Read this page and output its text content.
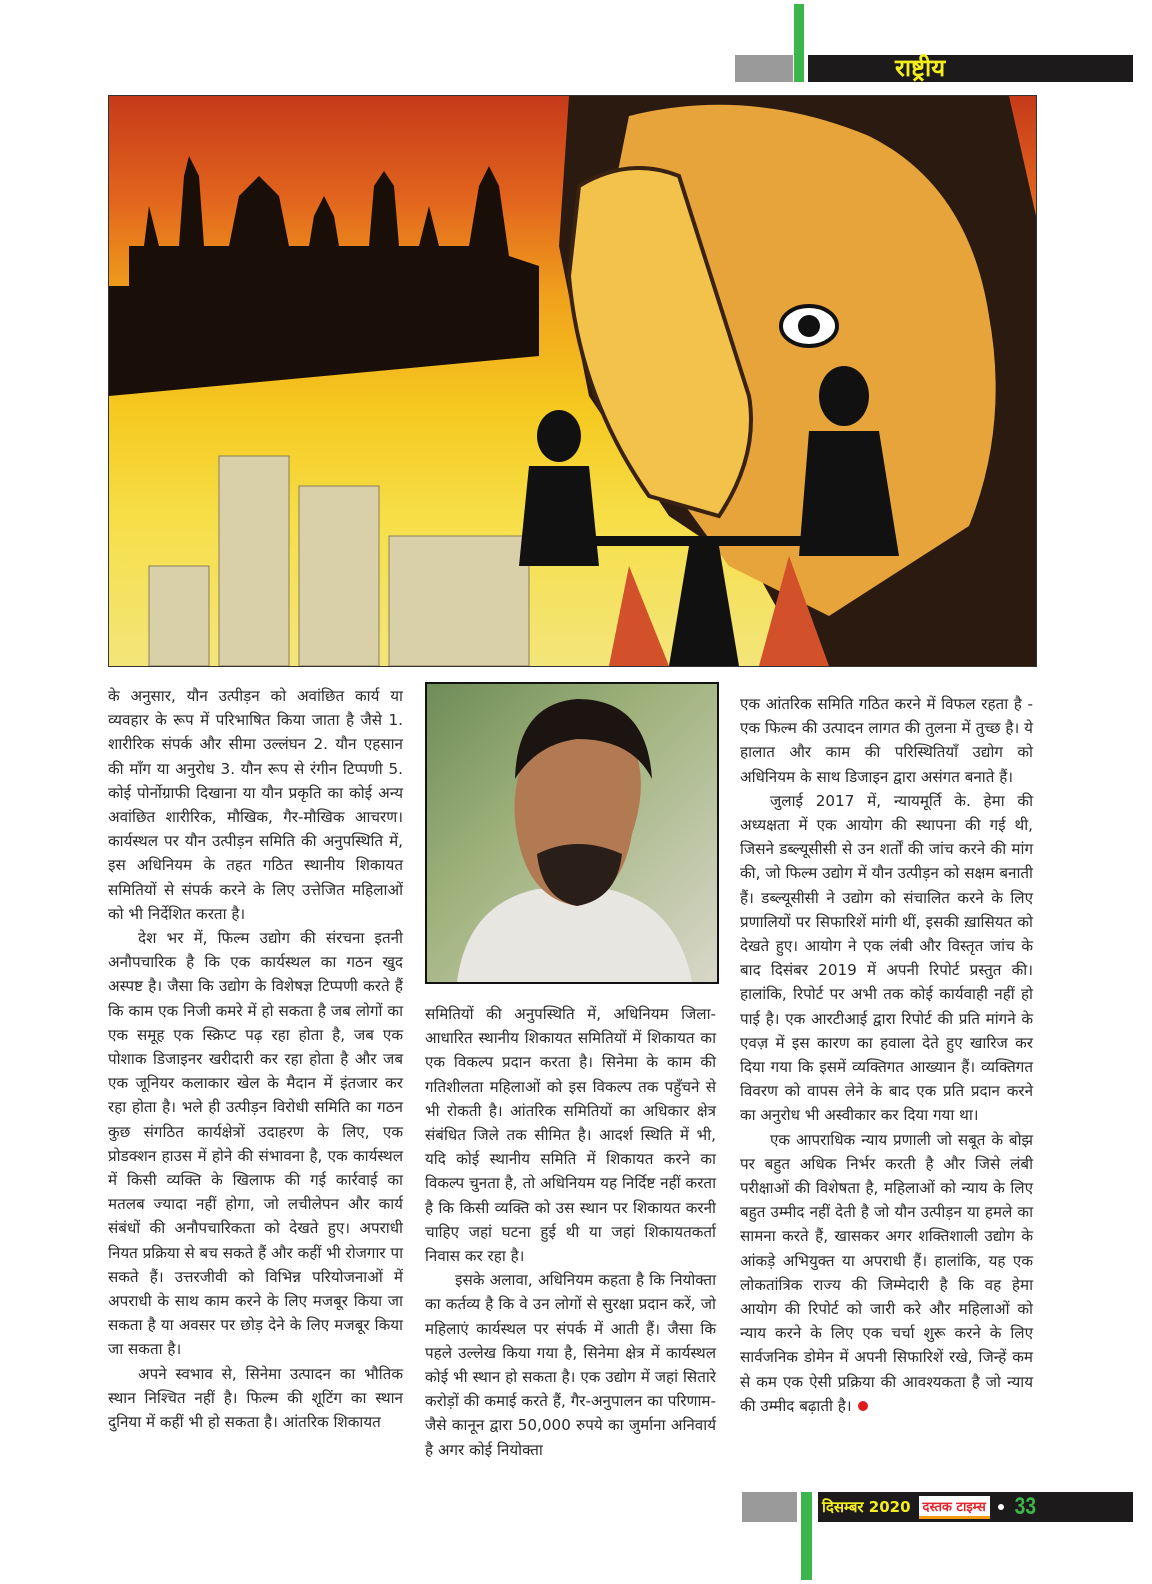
राष्ट्रीय

के अनुसार, यौन उत्पीड़न को अवांछित कार्य या व्यवहार के रूप में परिभाषित किया जाता है जैसे 1. शारीरिक संपर्क और सीमा उल्लंघन 2. यौन एहसान की माँग या अनुरोध 3. यौन रूप से रंगीन टिप्पणी 5. कोई पोर्नोग्राफी दिखाना या यौन प्रकृति का कोई अन्य अवांछित शारीरिक, मौखिक, गैर-मौखिक आचरण। कार्यस्थल पर यौन उत्पीड़न समिति की अनुपस्थिति में, इस अधिनियम के तहत गठित स्थानीय शिकायत समितियों से संपर्क करने के लिए उत्तेजित महिलाओं को भी निर्देशित करता है।

देश भर में, फिल्म उद्योग की संरचना इतनी अनौपचारिक है कि एक कार्यस्थल का गठन खुद अस्पष्ट है। जैसा कि उद्योग के विशेषज्ञ टिप्पणी करते हैं कि काम एक निजी कमरे में हो सकता है जब लोगों का एक समूह एक स्क्रिप्ट पढ़ रहा होता है, जब एक पोशाक डिजाइनर खरीदारी कर रहा होता है और जब एक जूनियर कलाकार खेल के मैदान में इंतजार कर रहा होता है। भले ही उत्पीड़न विरोधी समिति का गठन कुछ संगठित कार्यक्षेत्रों उदाहरण के लिए, एक प्रोडक्शन हाउस में होने की संभावना है, एक कार्यस्थल में किसी व्यक्ति के खिलाफ की गई कार्रवाई का मतलब ज्यादा नहीं होगा, जो लचीलेपन और कार्य संबंधों की अनौपचारिकता को देखते हुए। अपराधी नियत प्रक्रिया से बच सकते हैं और कहीं भी रोजगार पा सकते हैं। उत्तरजीवी को विभिन्न परियोजनाओं में अपराधी के साथ काम करने के लिए मजबूर किया जा सकता है या अवसर पर छोड़ देने के लिए मजबूर किया जा सकता है।

अपने स्वभाव से, सिनेमा उत्पादन का भौतिक स्थान निश्चित नहीं है। फिल्म की शूटिंग का स्थान दुनिया में कहीं भी हो सकता है। आंतरिक शिकायत

समितियों की अनुपस्थिति में, अधिनियम जिला-आधारित स्थानीय शिकायत समितियों में शिकायत का एक विकल्प प्रदान करता है। सिनेमा के काम की गतिशीलता महिलाओं को इस विकल्प तक पहुँचने से भी रोकती है। आंतरिक समितियों का अधिकार क्षेत्र संबंधित जिले तक सीमित है। आदर्श स्थिति में भी, यदि कोई स्थानीय समिति में शिकायत करने का विकल्प चुनता है, तो अधिनियम यह निर्दिष्ट नहीं करता है कि किसी व्यक्ति को उस स्थान पर शिकायत करनी चाहिए जहां घटना हुई थी या जहां शिकायतकर्ता निवास कर रहा है।

इसके अलावा, अधिनियम कहता है कि नियोक्ता का कर्तव्य है कि वे उन लोगों से सुरक्षा प्रदान करें, जो महिलाएं कार्यस्थल पर संपर्क में आती हैं। जैसा कि पहले उल्लेख किया गया है, सिनेमा क्षेत्र में कार्यस्थल कोई भी स्थान हो सकता है। एक उद्योग में जहां सितारे करोड़ों की कमाई करते हैं, गैर-अनुपालन का परिणाम- जैसे कानून द्वारा 50,000 रुपये का जुर्माना अनिवार्य है अगर कोई नियोक्ता

एक आंतरिक समिति गठित करने में विफल रहता है - एक फिल्म की उत्पादन लागत की तुलना में तुच्छ है। ये हालात और काम की परिस्थितियाँ उद्योग को अधिनियम के साथ डिजाइन द्वारा असंगत बनाते हैं।

जुलाई 2017 में, न्यायमूर्ति के. हेमा की अध्यक्षता में एक आयोग की स्थापना की गई थी, जिसने डब्ल्यूसीसी से उन शर्तों की जांच करने की मांग की, जो फिल्म उद्योग में यौन उत्पीड़न को सक्षम बनाती हैं। डब्ल्यूसीसी ने उद्योग को संचालित करने के लिए प्रणालियों पर सिफारिशें मांगी थीं, इसकी ख़ासियत को देखते हुए। आयोग ने एक लंबी और विस्तृत जांच के बाद दिसंबर 2019 में अपनी रिपोर्ट प्रस्तुत की। हालांकि, रिपोर्ट पर अभी तक कोई कार्यवाही नहीं हो पाई है। एक आरटीआई द्वारा रिपोर्ट की प्रति मांगने के एवज़ में इस कारण का हवाला देते हुए खारिज कर दिया गया कि इसमें व्यक्तिगत आख्यान हैं। व्यक्तिगत विवरण को वापस लेने के बाद एक प्रति प्रदान करने का अनुरोध भी अस्वीकार कर दिया गया था।

एक आपराधिक न्याय प्रणाली जो सबूत के बोझ पर बहुत अधिक निर्भर करती है और जिसे लंबी परीक्षाओं की विशेषता है, महिलाओं को न्याय के लिए बहुत उम्मीद नहीं देती है जो यौन उत्पीड़न या हमले का सामना करते हैं, खासकर अगर शक्तिशाली उद्योग के आंकड़े अभियुक्त या अपराधी हैं। हालांकि, यह एक लोकतांत्रिक राज्य की जिम्मेदारी है कि वह हेमा आयोग की रिपोर्ट को जारी करे और महिलाओं को न्याय करने के लिए एक चर्चा शुरू करने के लिए सार्वजनिक डोमेन में अपनी सिफारिशें रखे, जिन्हें कम से कम एक ऐसी प्रक्रिया की आवश्यकता है जो न्याय की उम्मीद बढ़ाती है।

दिसम्बर 2020 दस्तक टाइम्स 33
